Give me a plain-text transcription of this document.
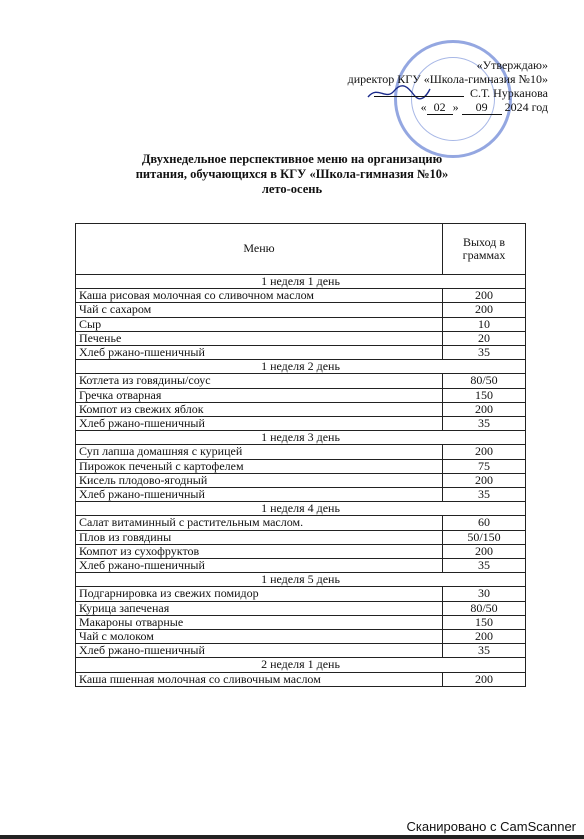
«Утверждаю»
директор КГУ «Школа-гимназия №10»
С.Т. Нурканова
« 02 » 09 2024 год
Двухнедельное перспективное меню на организацию
питания, обучающихся в КГУ «Школа-гимназия №10»
лето-осень
Меню	Выход в граммах
1 неделя 1 день	
Каша рисовая молочная со сливочном маслом	200
Чай с сахаром	200
Сыр	10
Печенье	20
Хлеб ржано-пшеничный	35
1 неделя 2 день	
Котлета из говядины/соус	80/50
Гречка отварная	150
Компот из свежих яблок	200
Хлеб ржано-пшеничный	35
1 неделя 3 день	
Суп лапша домашняя с курицей	200
Пирожок печеный с картофелем	75
Кисель плодово-ягодный	200
Хлеб ржано-пшеничный	35
1 неделя 4 день	
Салат витаминный с растительным маслом.	60
Плов из говядины	50/150
Компот из сухофруктов	200
Хлеб ржано-пшеничный	35
1 неделя 5 день	
Подгарнировка из свежих помидор	30
Курица запеченая	80/50
Макароны отварные	150
Чай с молоком	200
Хлеб ржано-пшеничный	35
2 неделя 1 день	
Каша пшенная молочная со сливочным маслом	200
Сканировано с CamScanner
